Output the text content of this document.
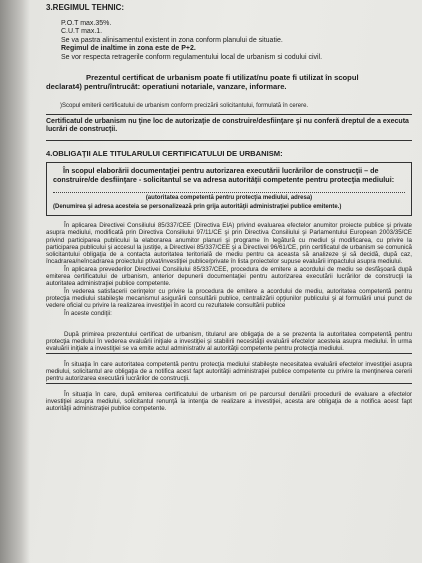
3.REGIMUL TEHNIC:
P.O.T max.35%.
C.U.T max.1.
Se va pastra alinisamentul existent in zona conform planului de situatie.
Regimul de inaltime in zona este de P+2.
Se vor respecta retragerile conform regulamentului local de urbanism si codului civil.
Prezentul certificat de urbanism poate fi utilizat/nu poate fi utilizat în scopul
declarat4) pentru/întrucât: operatiuni notariale, vanzare, informare.
)Scopul emiterii certificatului de urbanism conform precizării solicitantului, formulată în cerere.
Certificatul de urbanism nu ţine loc de autorizaţie de construire/desfiinţare şi nu conferă dreptul de a executa lucrări de construcţii.
4.OBLIGAŢII ALE TITULARULUI CERTIFICATULUI DE URBANISM:
În scopul elaborării documentaţiei pentru autorizarea executării lucrărilor de construcţii – de construire/de desfiinţare - solicitantul se va adresa autorităţii competente pentru protecţia mediului:
(autoritatea competentă pentru protecţia mediului, adresa)
(Denumirea şi adresa acesteia se personalizează prin grija autorităţii administraţiei publice emitente.)

În aplicarea Directivei Consiliului 85/337/CEE (Directiva EIA) privind evaluarea efectelor anumitor proiecte publice şi private asupra mediului, modificată prin Directiva Consiliului 97/11/CE şi prin Directiva Consiliului şi Parlamentului European 2003/35/CE privind participarea publicului la elaborarea anumitor planuri şi programe în legătură cu mediul şi modificarea, cu privire la participarea publicului şi accesul la justiţie, a Directivei 85/337/CEE şi a Directivei 96/61/CE, prin certificatul de urbanism se comunică solicitantului obligaţia de a contacta autoritatea teritorială de mediu pentru ca aceasta să analizeze şi să decidă, după caz, încadrarea/neîncadrarea proiectului ptivat/investiţiei publice/private în lista proiectelor supuse evaluării impactului asupra mediului.

În aplicarea prevederilor Directivei Consiliului 85/337/CEE, procedura de emitere a acordului de mediu se desfăşoară după emiterea certificatului de urbanism, anterior depunerii documentaţiei pentru autorizarea executării lucrărilor de construcţii la autoritatea administraţiei publice competente.

În vederea satisfacerii cerinţelor cu privire la procedura de emitere a acordului de mediu, autoritatea competentă pentru protecţia mediului stabileşte mecanismul asigurării consultării publice, centralizării opţiunilor publicului şi al formulării unui punct de vedere oficial cu privire la realizarea investiţiei în acord cu rezultatele consultării publice

În aceste condiţii:

După primirea prezentului certificat de urbanism, titularul are obligaţia de a se prezenta la autoritatea competentă pentru protecţia mediului în vederea evaluării iniţiale a investiţiei şi stabilirii necesităţii evaluării efectelor acesteia asupra mediului. În urma evaluării iniţiale a investiţiei se va emite actul administrativ al autorităţii competente pentru protecţia mediului.

În situaţia în care autoritatea competentă pentru protecţia mediului stabileşte necesitatea evaluării efectelor investiţiei asupra mediului, solicitantul are obligaţia de a notifica acest fapt autorităţii administraţiei publice competente cu privire la menţinerea cererii pentru autorizarea executării lucrărilor de construcţii.

În situaţia în care, după emiterea certificatului de urbanism ori pe parcursul derulării procedurii de evaluare a efectelor investiţiei asupra mediului, solicitantul renunţă la intenţia de realizare a investiţiei, acesta are obligaţia de a notifica acest fapt autorităţii administraţiei publice competente.
